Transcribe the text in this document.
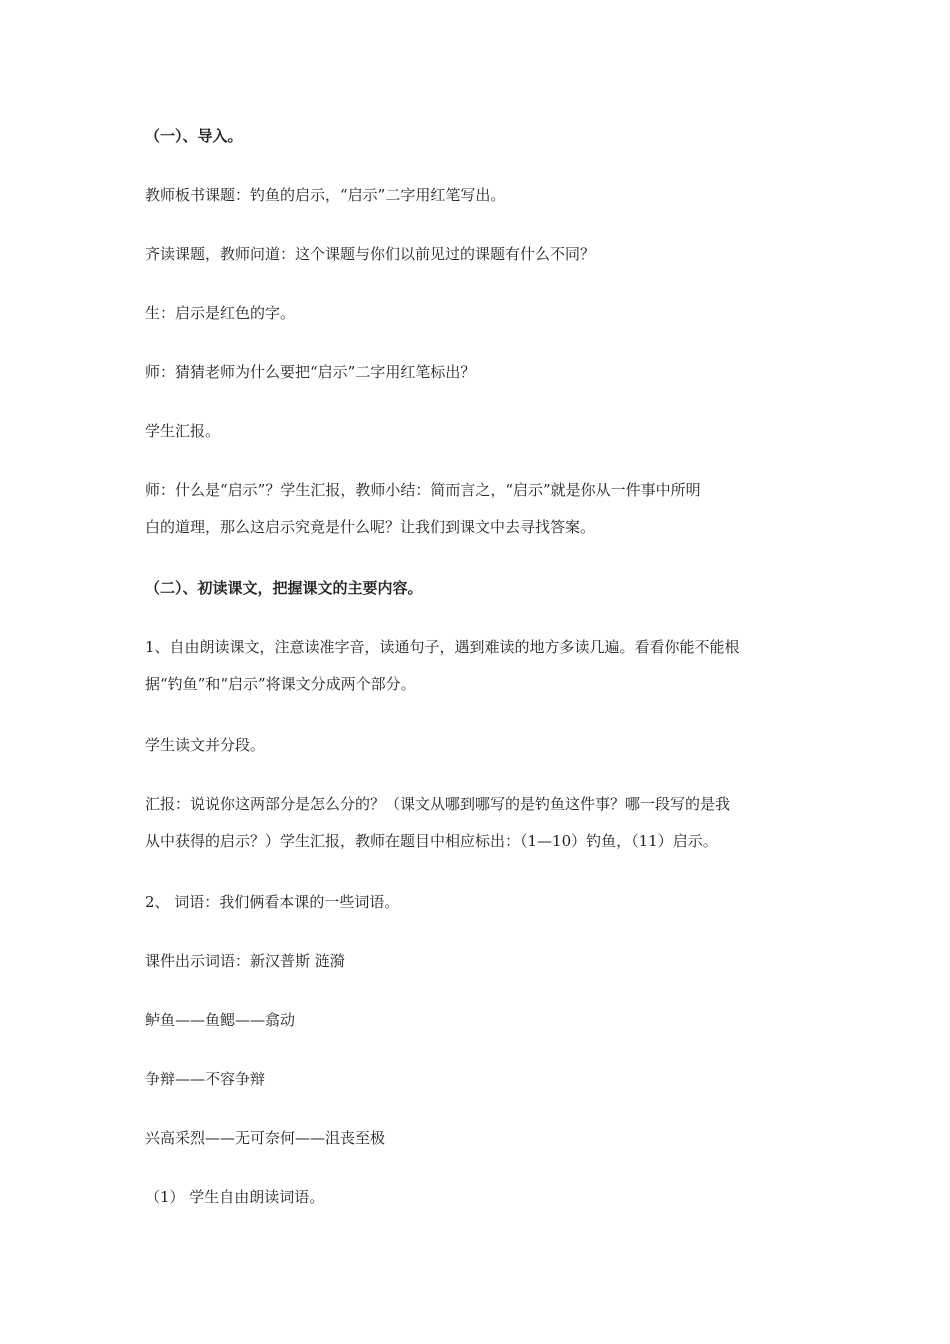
（一）、导入。

教师板书课题：钓鱼的启示，“启示”二字用红笔写出。

齐读课题，教师问道：这个课题与你们以前见过的课题有什么不同？

生：启示是红色的字。

师：猜猜老师为什么要把“启示”二字用红笔标出？

学生汇报。

师：什么是“启示”？学生汇报，教师小结：简而言之，“启示”就是你从一件事中所明
白的道理，那么这启示究竟是什么呢？让我们到课文中去寻找答案。

（二）、初读课文，把握课文的主要内容。

1、自由朗读课文，注意读准字音，读通句子，遇到难读的地方多读几遍。看看你能不能根
据“钓鱼”和“启示”将课文分成两个部分。

学生读文并分段。

汇报：说说你这两部分是怎么分的？（课文从哪到哪写的是钓鱼这件事？哪一段写的是我
从中获得的启示？）学生汇报，教师在题目中相应标出：（1—10）钓鱼，（11）启示。

2、 词语：我们俩看本课的一些词语。

课件出示词语：新汉普斯 涟漪

鲈鱼——鱼鳃——翕动

争辩——不容争辩

兴高采烈——无可奈何——沮丧至极

（1） 学生自由朗读词语。
